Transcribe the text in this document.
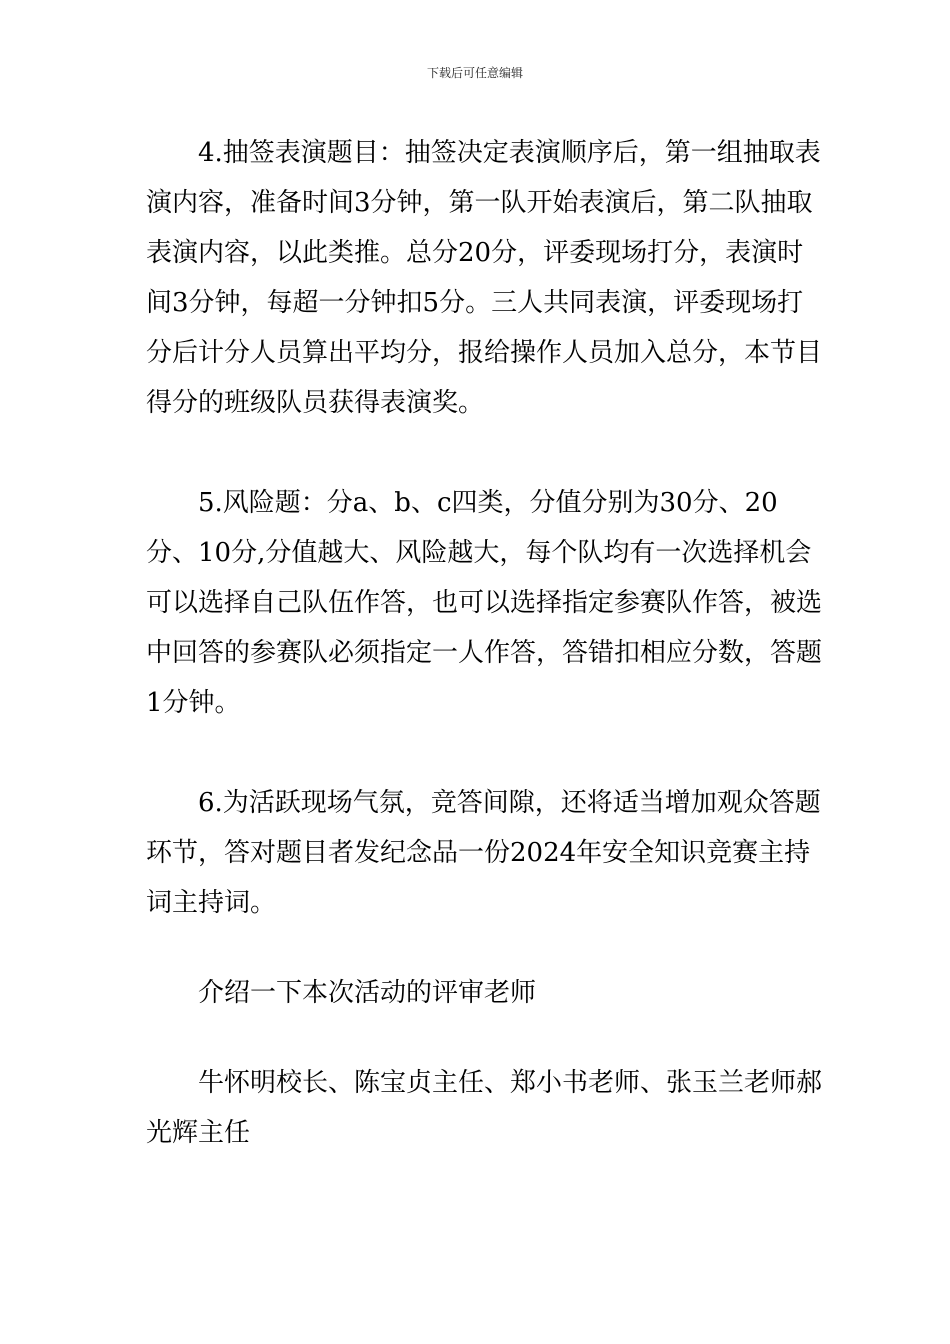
下载后可任意编辑

4.抽签表演题目：抽签决定表演顺序后，第一组抽取表演内容，准备时间3分钟，第一队开始表演后，第二队抽取表演内容，以此类推。总分20分，评委现场打分，表演时间3分钟，每超一分钟扣5分。三人共同表演，评委现场打分后计分人员算出平均分，报给操作人员加入总分，本节目得分的班级队员获得表演奖。

5.风险题：分a、b、c四类，分值分别为30分、20分、10分,分值越大、风险越大，每个队均有一次选择机会可以选择自己队伍作答，也可以选择指定参赛队作答，被选中回答的参赛队必须指定一人作答，答错扣相应分数，答题1分钟。

6.为活跃现场气氛，竞答间隙，还将适当增加观众答题环节，答对题目者发纪念品一份2024年安全知识竞赛主持词主持词。

介绍一下本次活动的评审老师

牛怀明校长、陈宝贞主任、郑小书老师、张玉兰老师郝光辉主任
